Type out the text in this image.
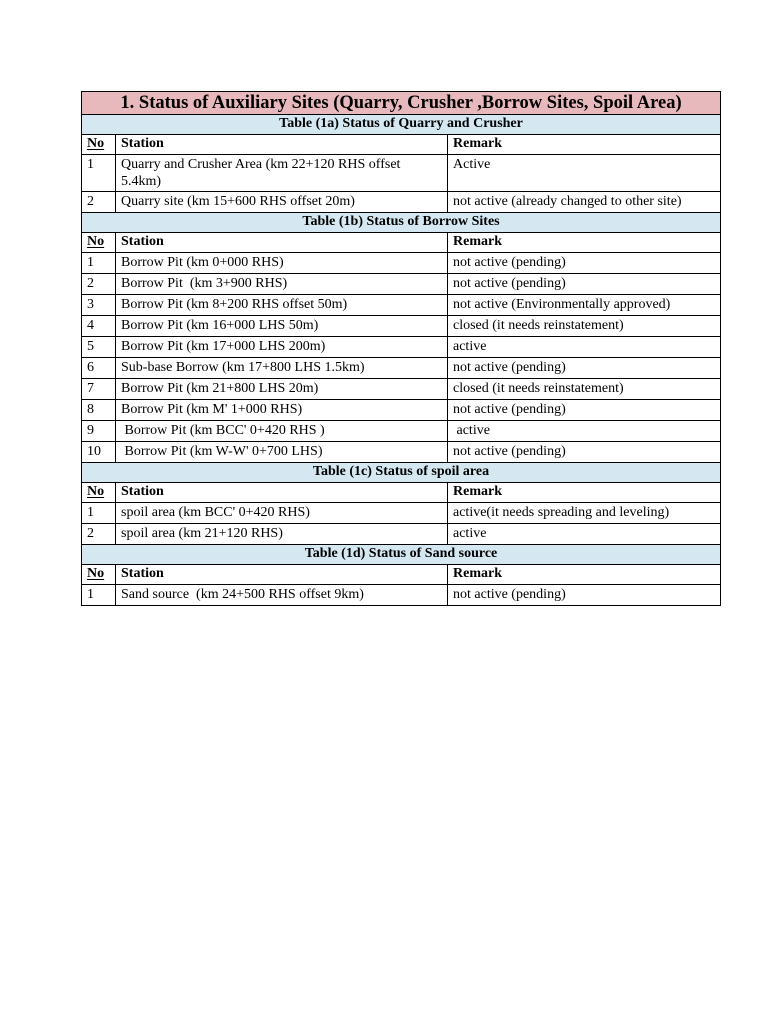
1. Status of Auxiliary Sites (Quarry, Crusher ,Borrow Sites, Spoil Area)		
Table (1a) Status of Quarry and Crusher		
No	Station	Remark
1	Quarry and Crusher Area (km 22+120 RHS offset 5.4km)	Active
2	Quarry site (km 15+600 RHS offset 20m)	not active (already changed to other site)
Table (1b) Status of Borrow Sites		
No	Station	Remark
1	Borrow Pit (km 0+000 RHS)	not active (pending)
2	Borrow Pit  (km 3+900 RHS)	not active (pending)
3	Borrow Pit (km 8+200 RHS offset 50m)	not active (Environmentally approved)
4	Borrow Pit (km 16+000 LHS 50m)	closed (it needs reinstatement)
5	Borrow Pit (km 17+000 LHS 200m)	active
6	Sub-base Borrow (km 17+800 LHS 1.5km)	not active (pending)
7	Borrow Pit (km 21+800 LHS 20m)	closed (it needs reinstatement)
8	Borrow Pit (km M' 1+000 RHS)	not active (pending)
9	Borrow Pit (km BCC' 0+420 RHS )	active
10	Borrow Pit (km W-W' 0+700 LHS)	not active (pending)
Table (1c) Status of spoil area		
No	Station	Remark
1	spoil area (km BCC' 0+420 RHS)	active(it needs spreading and leveling)
2	spoil area (km 21+120 RHS)	active
Table (1d) Status of Sand source		
No	Station	Remark
1	Sand source  (km 24+500 RHS offset 9km)	not active (pending)
